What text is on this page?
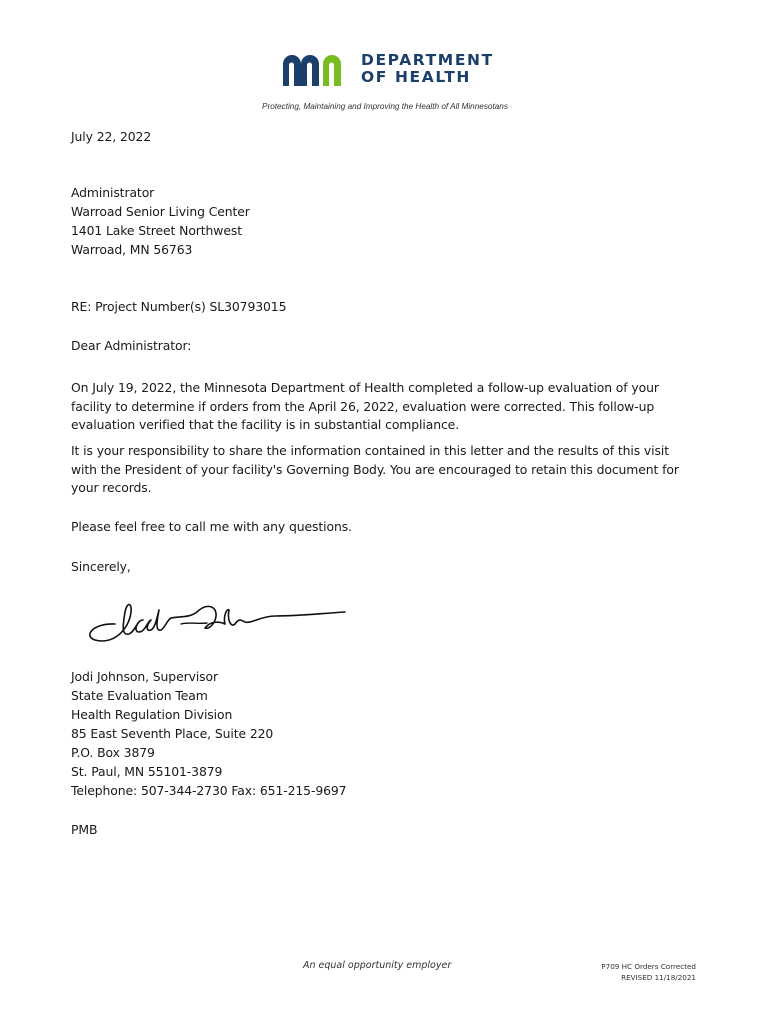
DEPARTMENT
OF HEALTH
Protecting, Maintaining and Improving the Health of All Minnesotans
July 22, 2022
Administrator
Warroad Senior Living Center
1401 Lake Street Northwest
Warroad, MN 56763
RE: Project Number(s) SL30793015
Dear Administrator:
On July 19, 2022, the Minnesota Department of Health completed a follow-up evaluation of your
facility to determine if orders from the April 26, 2022, evaluation were corrected. This follow-up
evaluation verified that the facility is in substantial compliance.
It is your responsibility to share the information contained in this letter and the results of this visit
with the President of your facility's Governing Body. You are encouraged to retain this document for
your records.
Please feel free to call me with any questions.
Sincerely,
Jodi Johnson, Supervisor
State Evaluation Team
Health Regulation Division
85 East Seventh Place, Suite 220
P.O. Box 3879
St. Paul, MN 55101-3879
Telephone: 507-344-2730 Fax: 651-215-9697
PMB
An equal opportunity employer	P709 HC Orders Corrected
REVISED 11/18/2021
